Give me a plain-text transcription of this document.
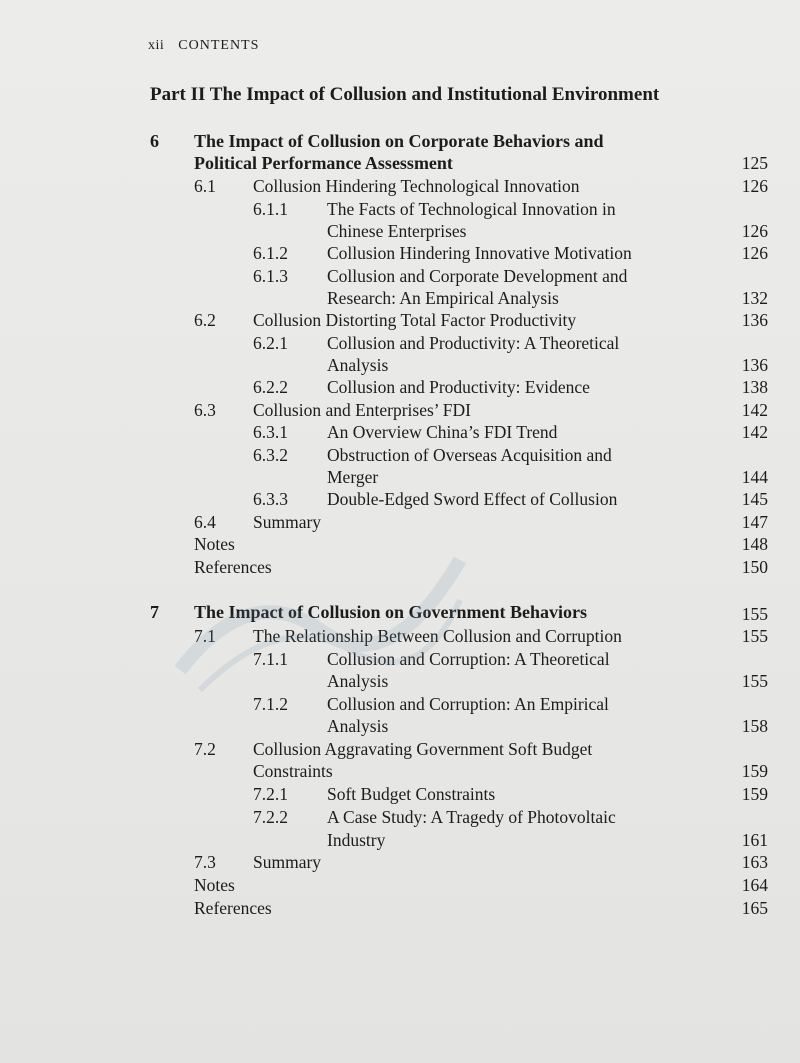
xii CONTENTS
Part II The Impact of Collusion and Institutional Environment
6 The Impact of Collusion on Corporate Behaviors and
Political Performance Assessment	125
6.1 Collusion Hindering Technological Innovation	126
6.1.1 The Facts of Technological Innovation in
Chinese Enterprises	126
6.1.2 Collusion Hindering Innovative Motivation	126
6.1.3 Collusion and Corporate Development and
Research: An Empirical Analysis	132
6.2 Collusion Distorting Total Factor Productivity	136
6.2.1 Collusion and Productivity: A Theoretical
Analysis	136
6.2.2 Collusion and Productivity: Evidence	138
6.3 Collusion and Enterprises’ FDI	142
6.3.1 An Overview China’s FDI Trend	142
6.3.2 Obstruction of Overseas Acquisition and
Merger	144
6.3.3 Double-Edged Sword Effect of Collusion	145
6.4 Summary	147
Notes	148
References	150
7 The Impact of Collusion on Government Behaviors	155
7.1 The Relationship Between Collusion and Corruption	155
7.1.1 Collusion and Corruption: A Theoretical
Analysis	155
7.1.2 Collusion and Corruption: An Empirical
Analysis	158
7.2 Collusion Aggravating Government Soft Budget
Constraints	159
7.2.1 Soft Budget Constraints	159
7.2.2 A Case Study: A Tragedy of Photovoltaic
Industry	161
7.3 Summary	163
Notes	164
References	165
